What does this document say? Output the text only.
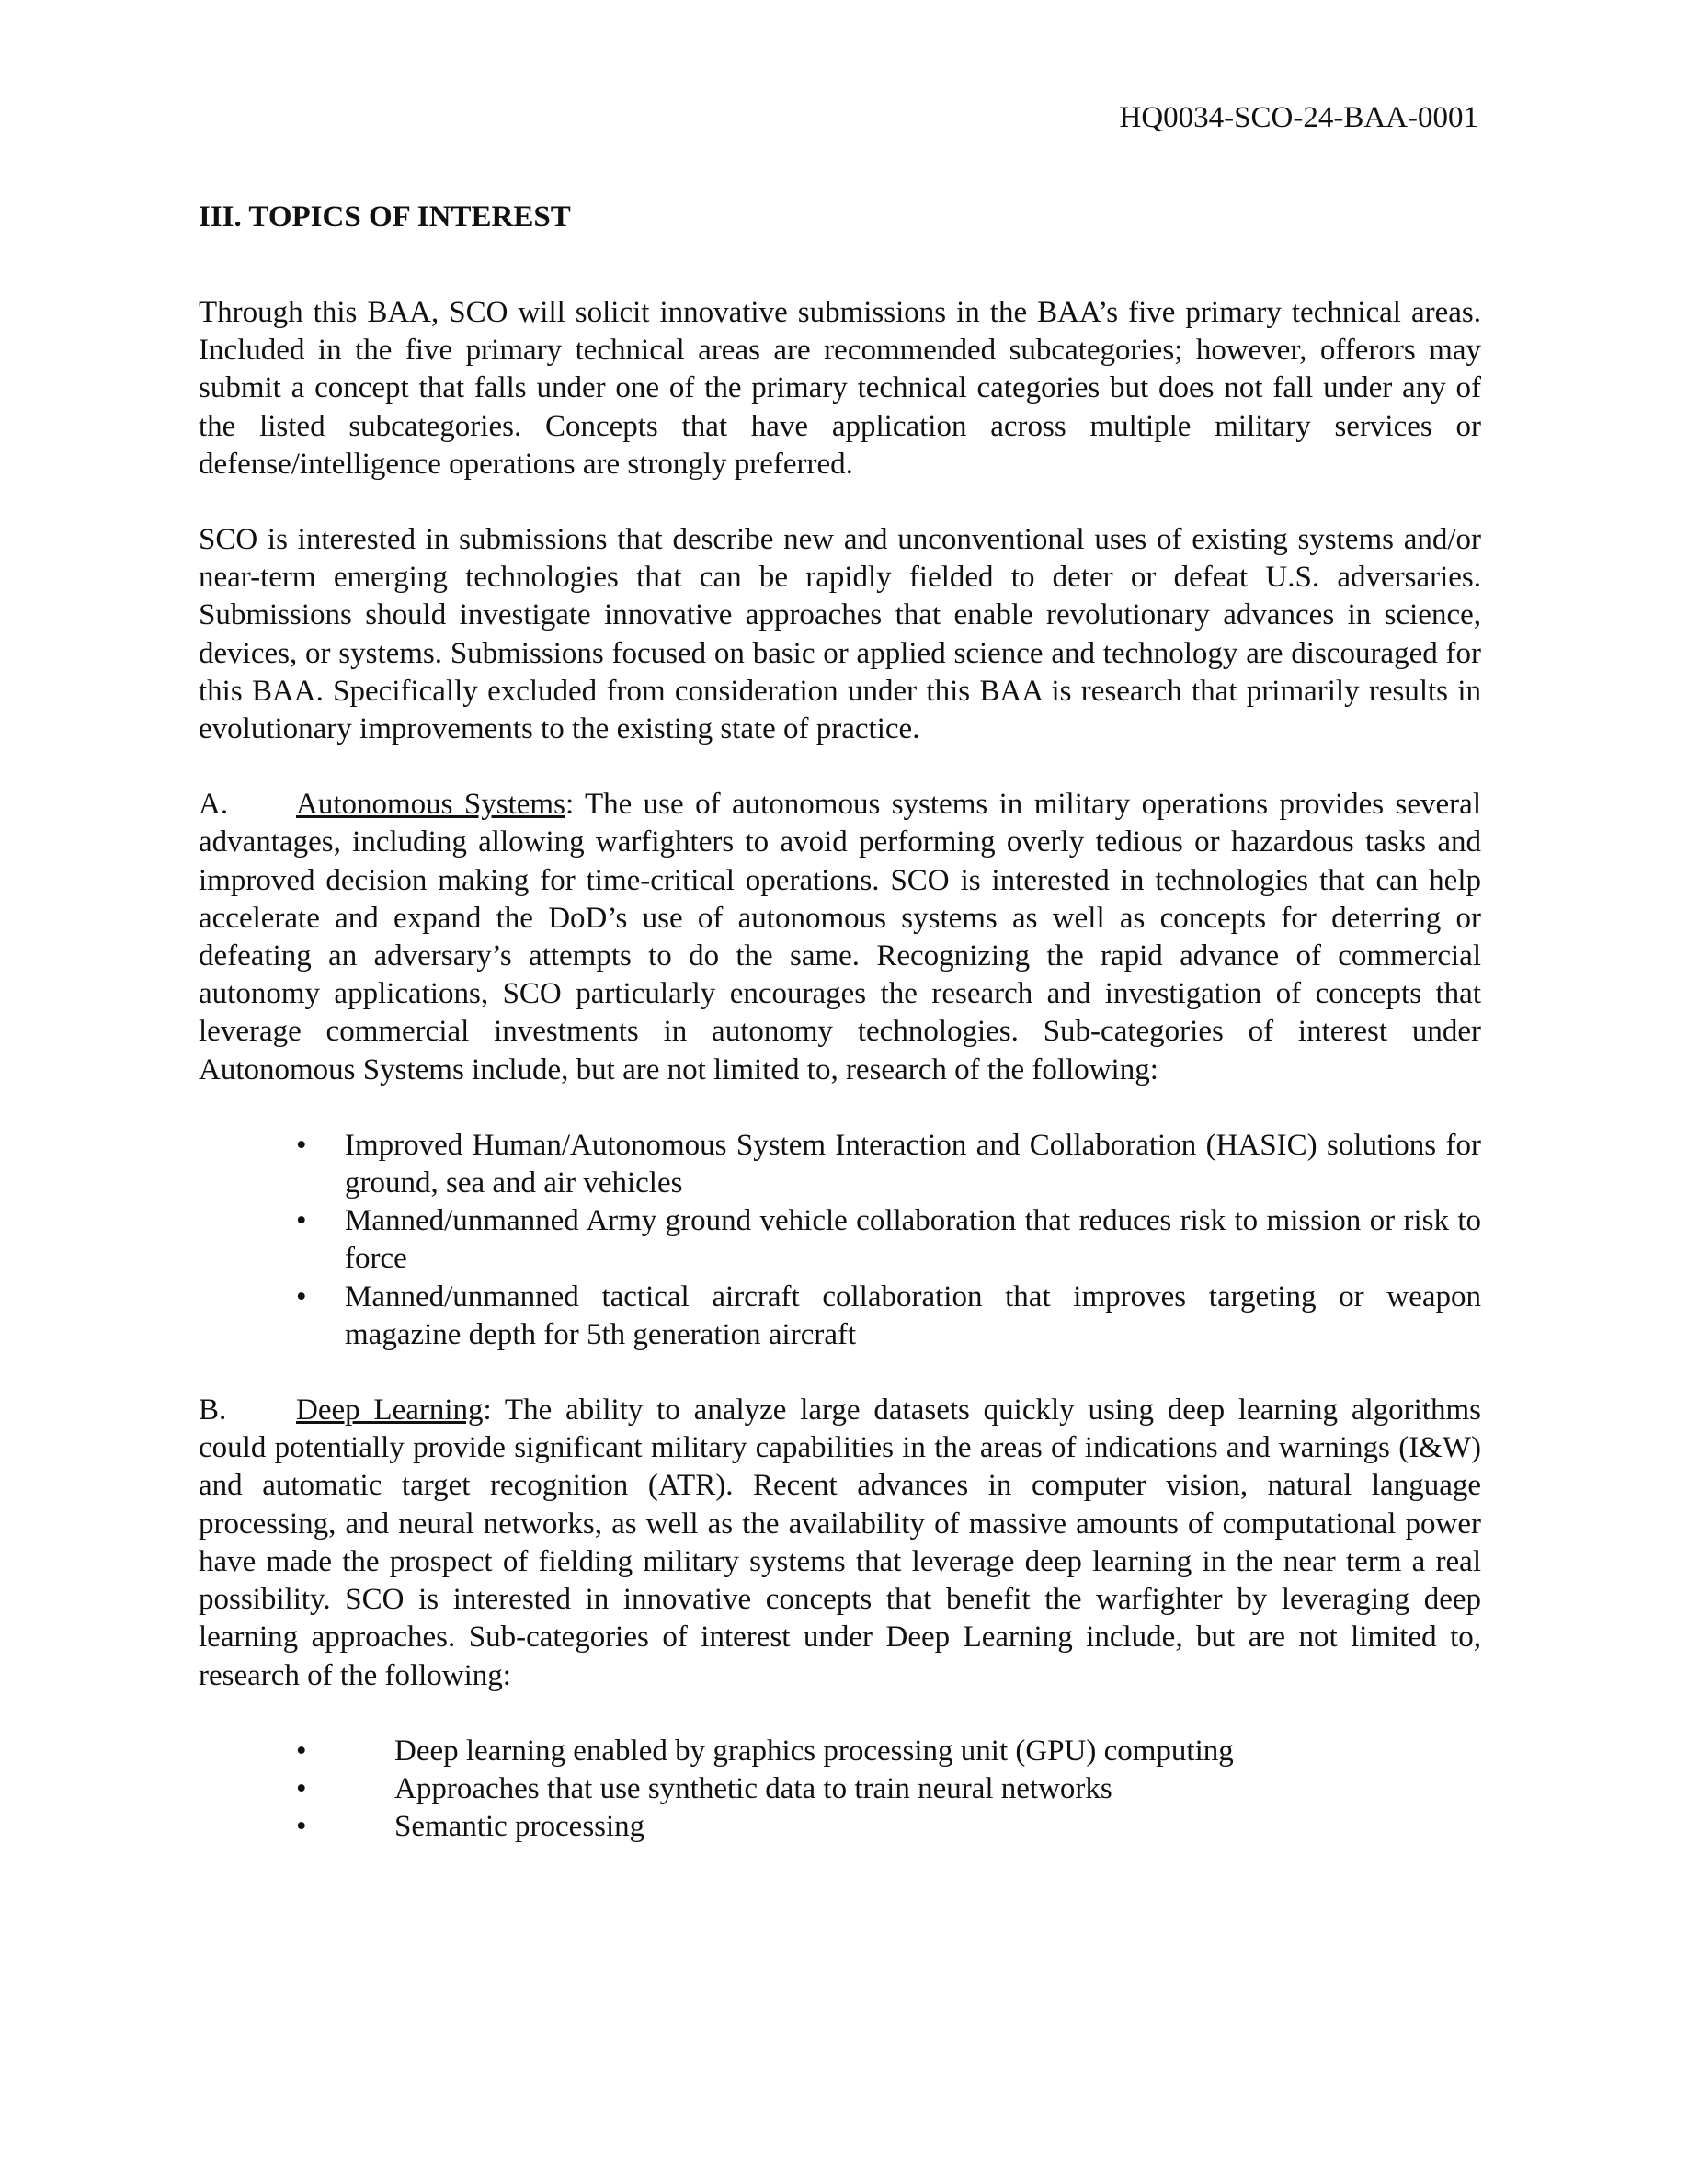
HQ0034-SCO-24-BAA-0001
III. TOPICS OF INTEREST

Through this BAA, SCO will solicit innovative submissions in the BAA’s five primary technical areas. Included in the five primary technical areas are recommended subcategories; however, offerors may submit a concept that falls under one of the primary technical categories but does not fall under any of the listed subcategories. Concepts that have application across multiple military services or defense/intelligence operations are strongly preferred.

SCO is interested in submissions that describe new and unconventional uses of existing systems and/or near-term emerging technologies that can be rapidly fielded to deter or defeat U.S. adversaries. Submissions should investigate innovative approaches that enable revolutionary advances in science, devices, or systems. Submissions focused on basic or applied science and technology are discouraged for this BAA. Specifically excluded from consideration under this BAA is research that primarily results in evolutionary improvements to the existing state of practice.

A. Autonomous Systems: The use of autonomous systems in military operations provides several advantages, including allowing warfighters to avoid performing overly tedious or hazardous tasks and improved decision making for time-critical operations. SCO is interested in technologies that can help accelerate and expand the DoD’s use of autonomous systems as well as concepts for deterring or defeating an adversary’s attempts to do the same. Recognizing the rapid advance of commercial autonomy applications, SCO particularly encourages the research and investigation of concepts that leverage commercial investments in autonomy technologies. Sub-categories of interest under Autonomous Systems include, but are not limited to, research of the following:

• Improved Human/Autonomous System Interaction and Collaboration (HASIC) solutions for ground, sea and air vehicles
• Manned/unmanned Army ground vehicle collaboration that reduces risk to mission or risk to force
• Manned/unmanned tactical aircraft collaboration that improves targeting or weapon magazine depth for 5th generation aircraft

B. Deep Learning: The ability to analyze large datasets quickly using deep learning algorithms could potentially provide significant military capabilities in the areas of indications and warnings (I&W) and automatic target recognition (ATR). Recent advances in computer vision, natural language processing, and neural networks, as well as the availability of massive amounts of computational power have made the prospect of fielding military systems that leverage deep learning in the near term a real possibility. SCO is interested in innovative concepts that benefit the warfighter by leveraging deep learning approaches. Sub-categories of interest under Deep Learning include, but are not limited to, research of the following:

•	Deep learning enabled by graphics processing unit (GPU) computing
•	Approaches that use synthetic data to train neural networks
•	Semantic processing
